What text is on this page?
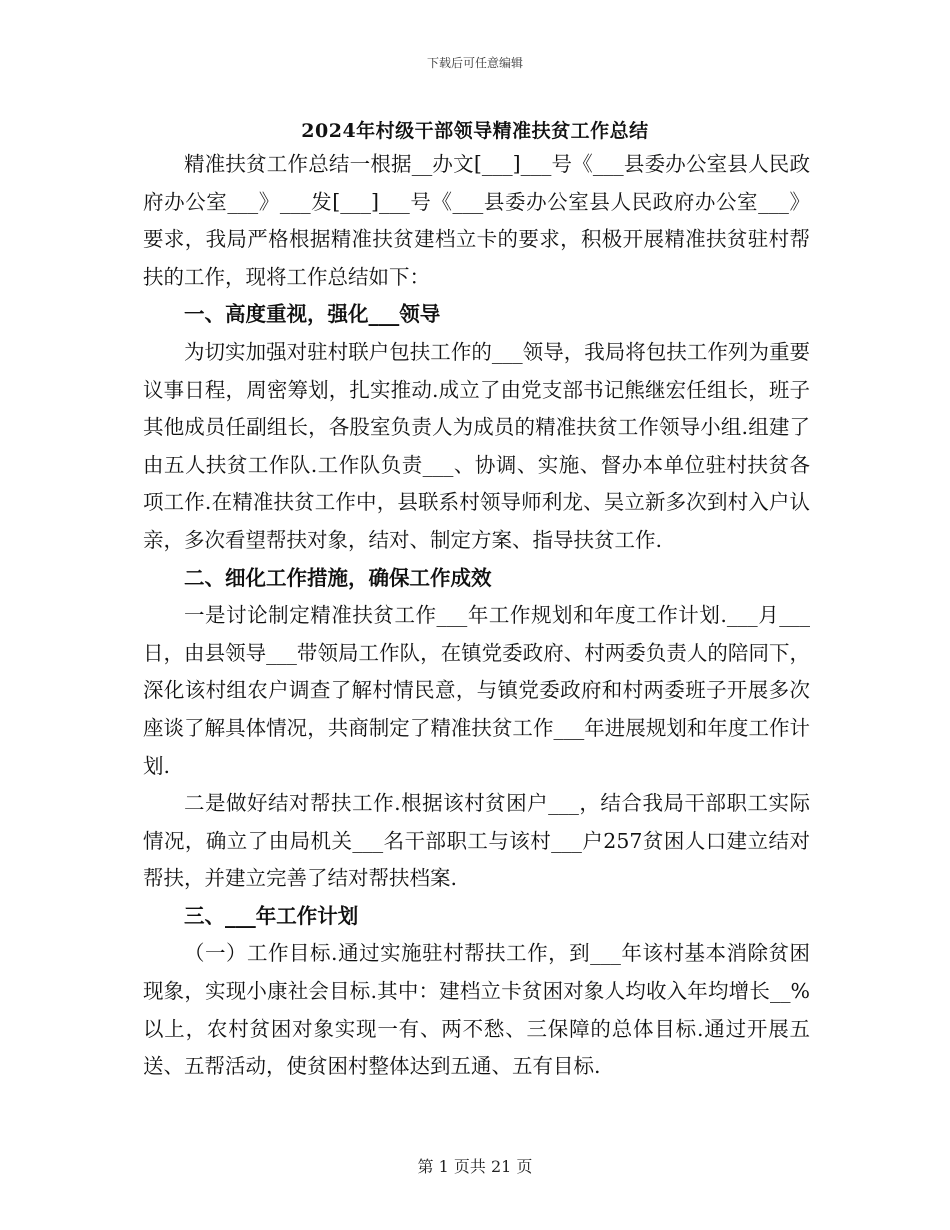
下载后可任意编辑
2024年村级干部领导精准扶贫工作总结

精准扶贫工作总结一根据__办文[___]___号《___县委办公室县人民政府办公室___》___发[___]___号《___县委办公室县人民政府办公室___》要求，我局严格根据精准扶贫建档立卡的要求，积极开展精准扶贫驻村帮扶的工作，现将工作总结如下：

一、高度重视，强化___领导

为切实加强对驻村联户包扶工作的___领导，我局将包扶工作列为重要议事日程，周密筹划，扎实推动.成立了由党支部书记熊继宏任组长，班子其他成员任副组长，各股室负责人为成员的精准扶贫工作领导小组.组建了由五人扶贫工作队.工作队负责___、协调、实施、督办本单位驻村扶贫各项工作.在精准扶贫工作中，县联系村领导师利龙、吴立新多次到村入户认亲，多次看望帮扶对象，结对、制定方案、指导扶贫工作.

二、细化工作措施，确保工作成效

一是讨论制定精准扶贫工作___年工作规划和年度工作计划.___月___日，由县领导___带领局工作队，在镇党委政府、村两委负责人的陪同下，深化该村组农户调查了解村情民意，与镇党委政府和村两委班子开展多次座谈了解具体情况，共商制定了精准扶贫工作___年进展规划和年度工作计划.

二是做好结对帮扶工作.根据该村贫困户___，结合我局干部职工实际情况，确立了由局机关___名干部职工与该村___户257贫困人口建立结对帮扶，并建立完善了结对帮扶档案.

三、___年工作计划

（一）工作目标.通过实施驻村帮扶工作，到___年该村基本消除贫困现象，实现小康社会目标.其中：建档立卡贫困对象人均收入年均增长__%以上，农村贫困对象实现一有、两不愁、三保障的总体目标.通过开展五送、五帮活动，使贫困村整体达到五通、五有目标.

第 1 页共 21 页
